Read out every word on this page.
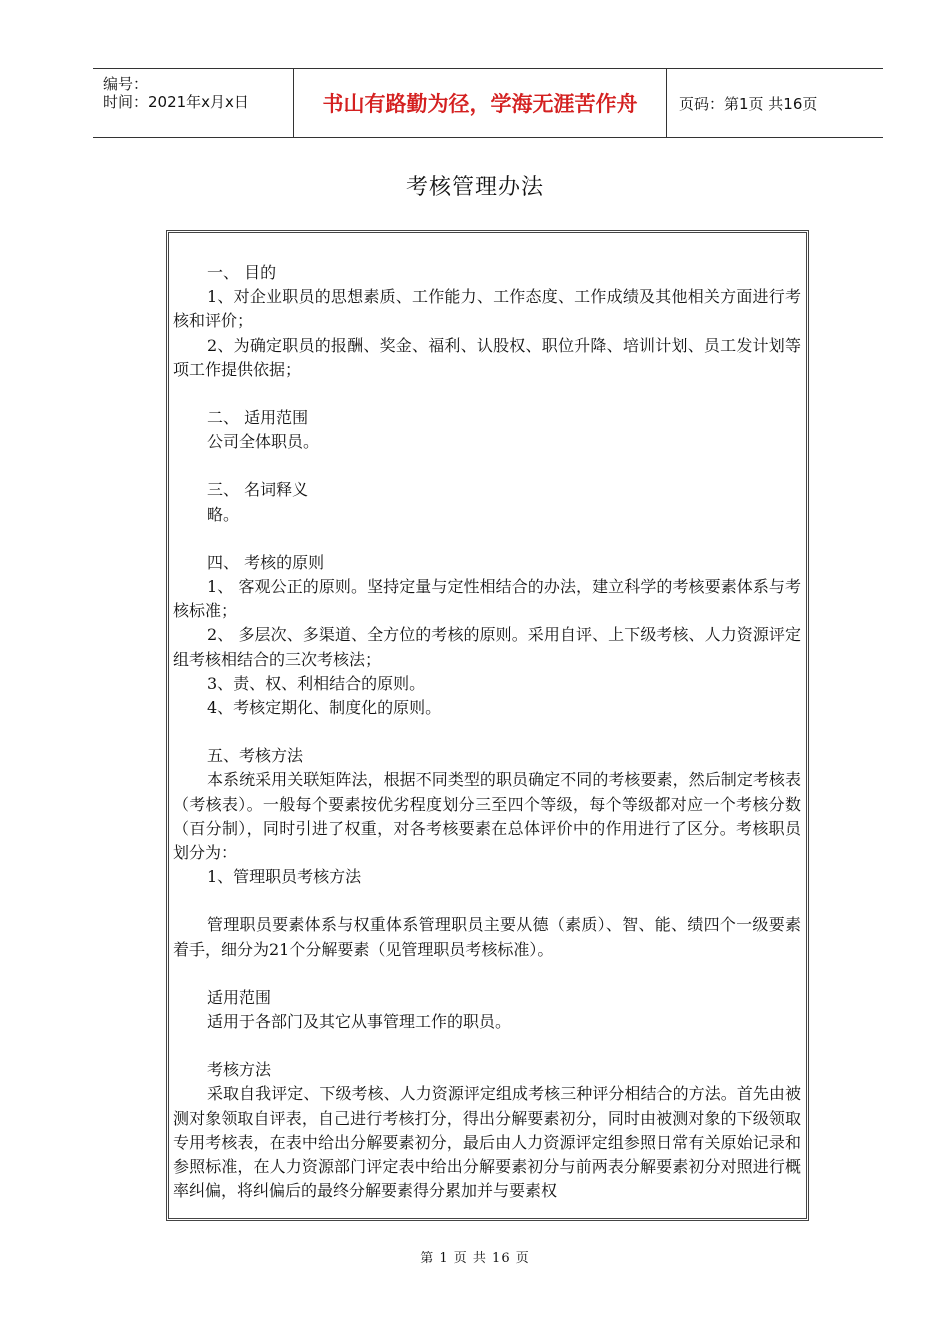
编号：
时间：2021年x月x日	书山有路勤为径，学海无涯苦作舟	页码：第1页 共16页
考核管理办法

一、 目的

1、对企业职员的思想素质、工作能力、工作态度、工作成绩及其他相关方面进行考核和评价；

2、为确定职员的报酬、奖金、福利、认股权、职位升降、培训计划、员工发计划等项工作提供依据；

二、 适用范围

公司全体职员。

三、 名词释义

略。

四、 考核的原则

1、 客观公正的原则。坚持定量与定性相结合的办法，建立科学的考核要素体系与考核标准；

2、 多层次、多渠道、全方位的考核的原则。采用自评、上下级考核、人力资源评定组考核相结合的三次考核法；

3、责、权、利相结合的原则。

4、考核定期化、制度化的原则。

五、考核方法

本系统采用关联矩阵法，根据不同类型的职员确定不同的考核要素，然后制定考核表（考核表）。一般每个要素按优劣程度划分三至四个等级，每个等级都对应一个考核分数（百分制），同时引进了权重，对各考核要素在总体评价中的作用进行了区分。考核职员划分为：

1、管理职员考核方法

管理职员要素体系与权重体系管理职员主要从德（素质）、智、能、绩四个一级要素着手，细分为21个分解要素（见管理职员考核标准）。

适用范围

适用于各部门及其它从事管理工作的职员。

考核方法

采取自我评定、下级考核、人力资源评定组成考核三种评分相结合的方法。首先由被测对象领取自评表，自己进行考核打分，得出分解要素初分，同时由被测对象的下级领取专用考核表，在表中给出分解要素初分，最后由人力资源评定组参照日常有关原始记录和参照标准，在人力资源部门评定表中给出分解要素初分与前两表分解要素初分对照进行概率纠偏，将纠偏后的最终分解要素得分累加并与要素权

第 1 页 共 16 页
